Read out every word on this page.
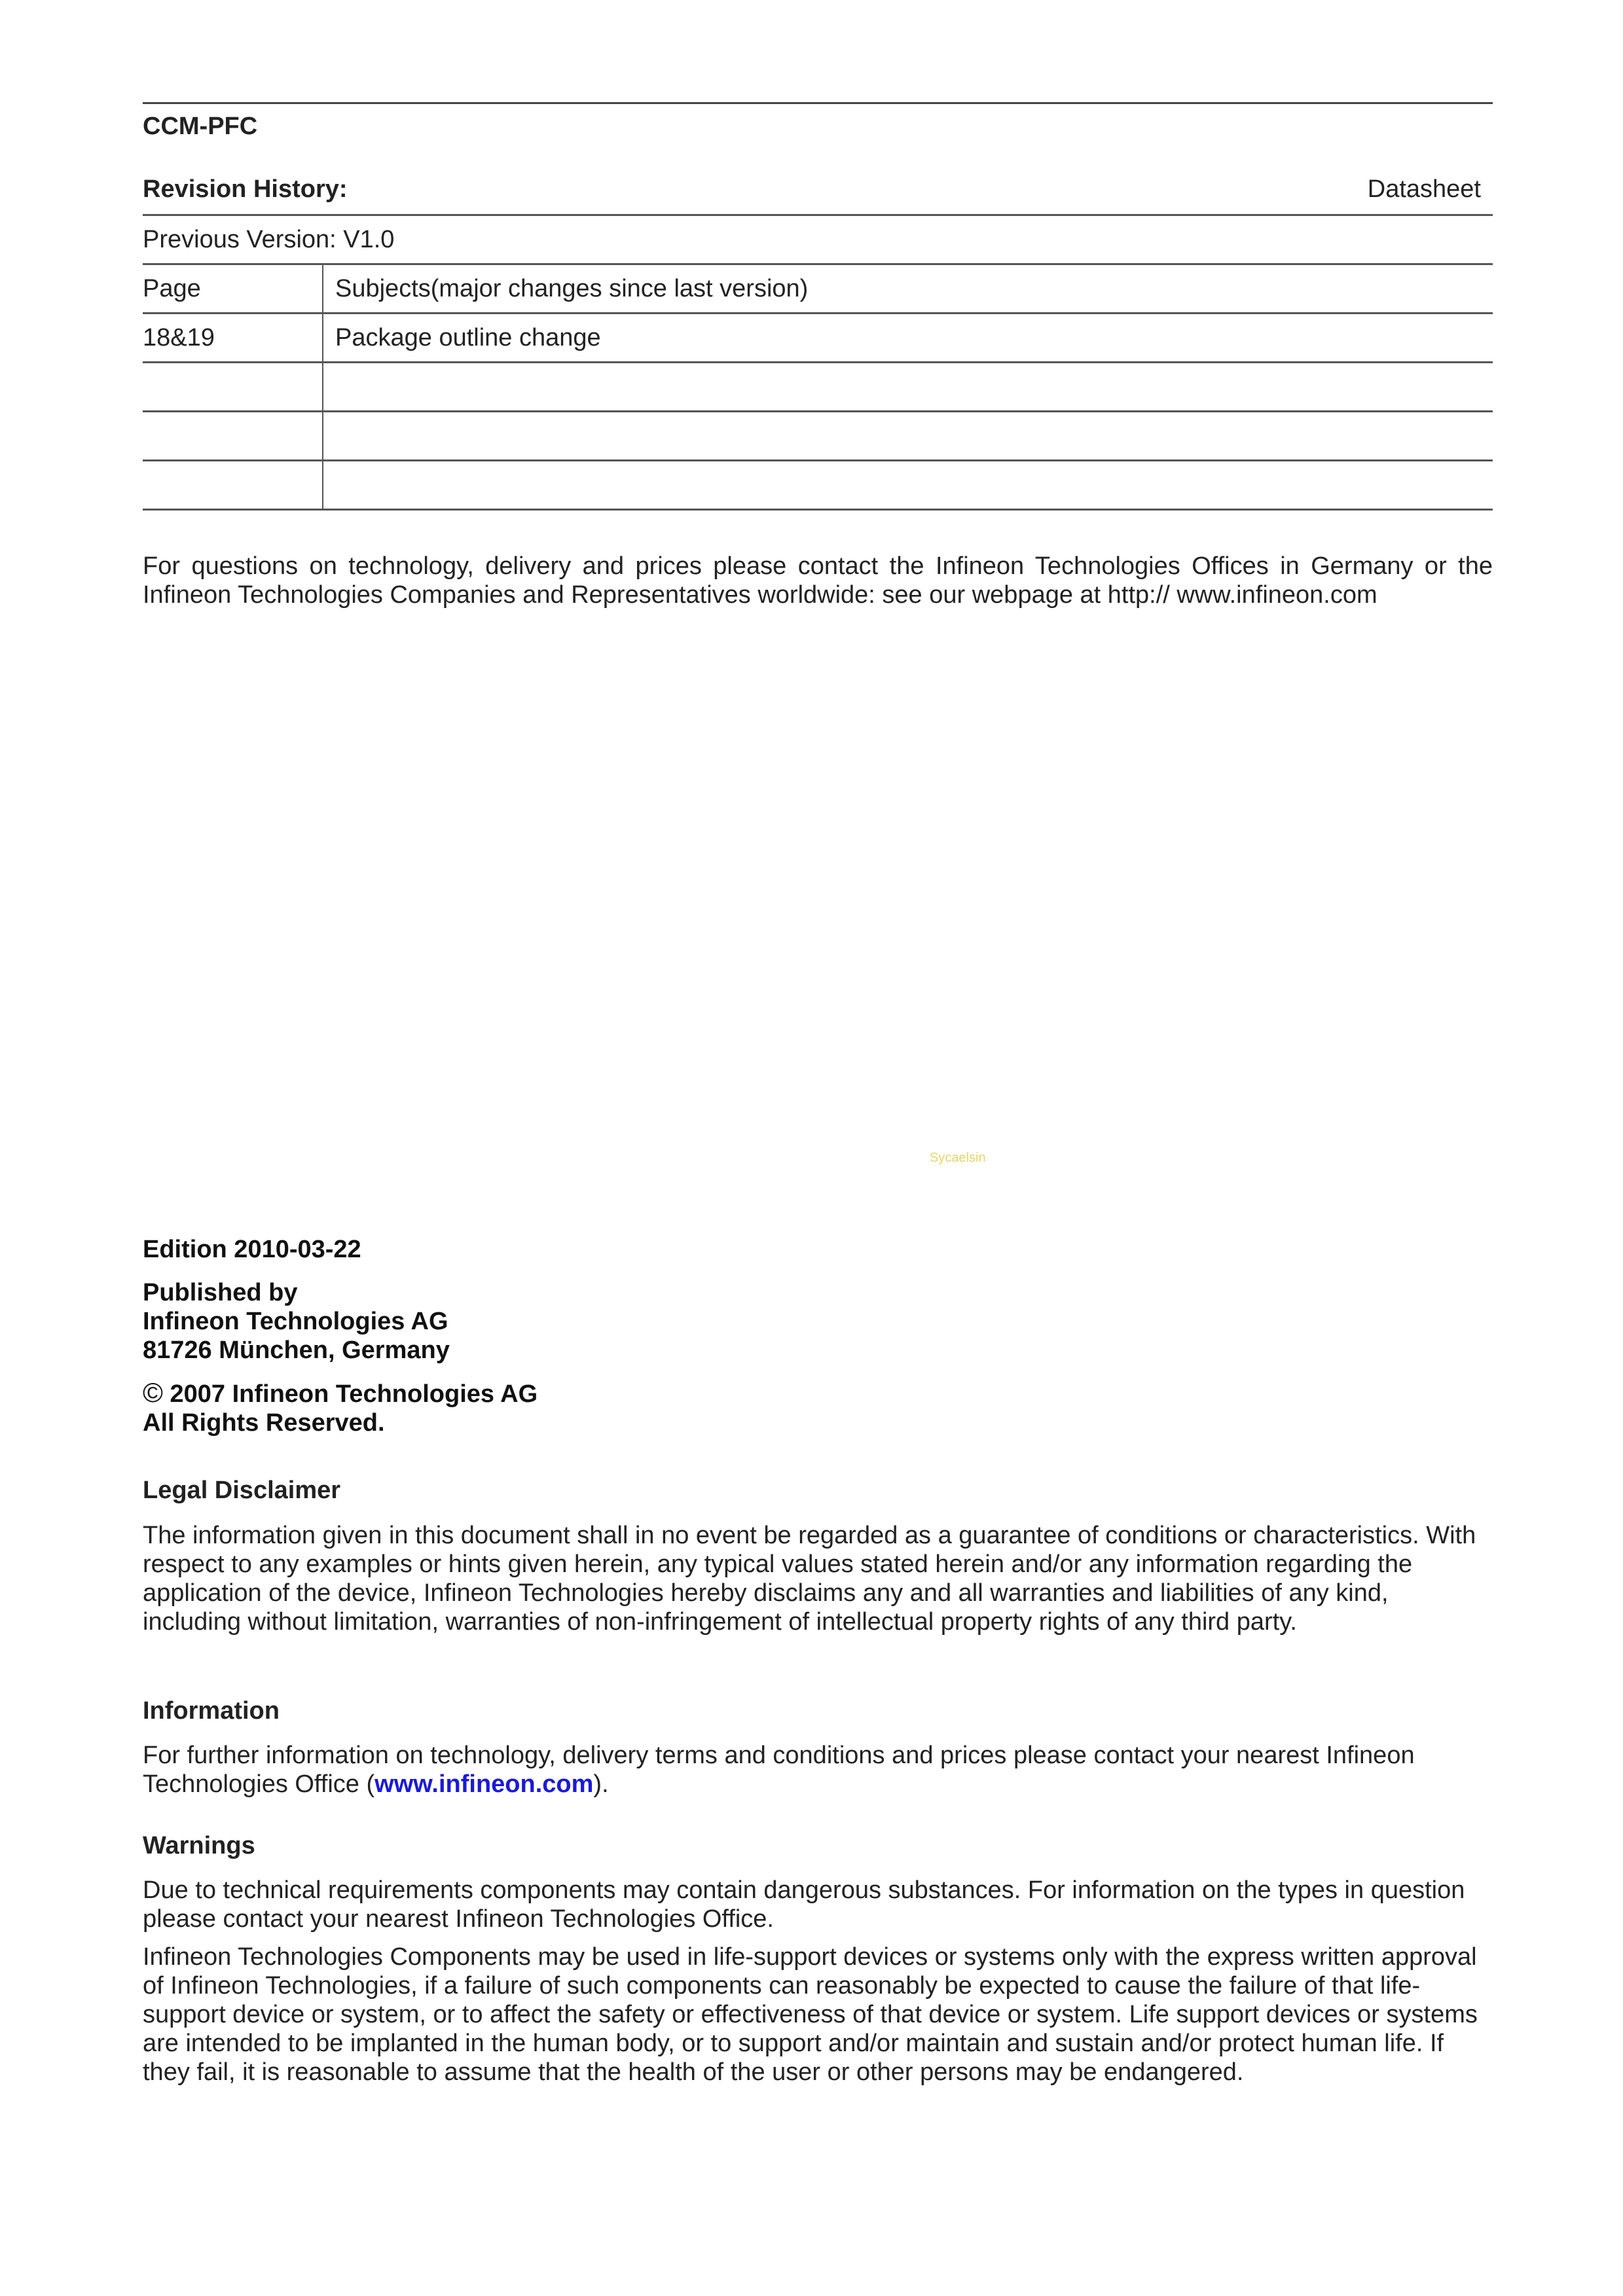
CCM-PFC
Revision History:	Datasheet
Previous Version: V1.0	
Page	Subjects(major changes since last version)
18&19	Package outline change

For questions on technology, delivery and prices please contact the Infineon Technologies Offices in Germany or the Infineon Technologies Companies and Representatives worldwide: see our webpage at http:// www.infineon.com
Sycaelsin
Edition 2010-03-22
Published by
Infineon Technologies AG
81726 München, Germany
© 2007 Infineon Technologies AG
All Rights Reserved.
Legal Disclaimer
The information given in this document shall in no event be regarded as a guarantee of conditions or characteristics. With respect to any examples or hints given herein, any typical values stated herein and/or any information regarding the application of the device, Infineon Technologies hereby disclaims any and all warranties and liabilities of any kind, including without limitation, warranties of non-infringement of intellectual property rights of any third party.
Information
For further information on technology, delivery terms and conditions and prices please contact your nearest Infineon Technologies Office (www.infineon.com).
Warnings
Due to technical requirements components may contain dangerous substances. For information on the types in question please contact your nearest Infineon Technologies Office.
Infineon Technologies Components may be used in life-support devices or systems only with the express written approval of Infineon Technologies, if a failure of such components can reasonably be expected to cause the failure of that life-support device or system, or to affect the safety or effectiveness of that device or system. Life support devices or systems are intended to be implanted in the human body, or to support and/or maintain and sustain and/or protect human life. If they fail, it is reasonable to assume that the health of the user or other persons may be endangered.
